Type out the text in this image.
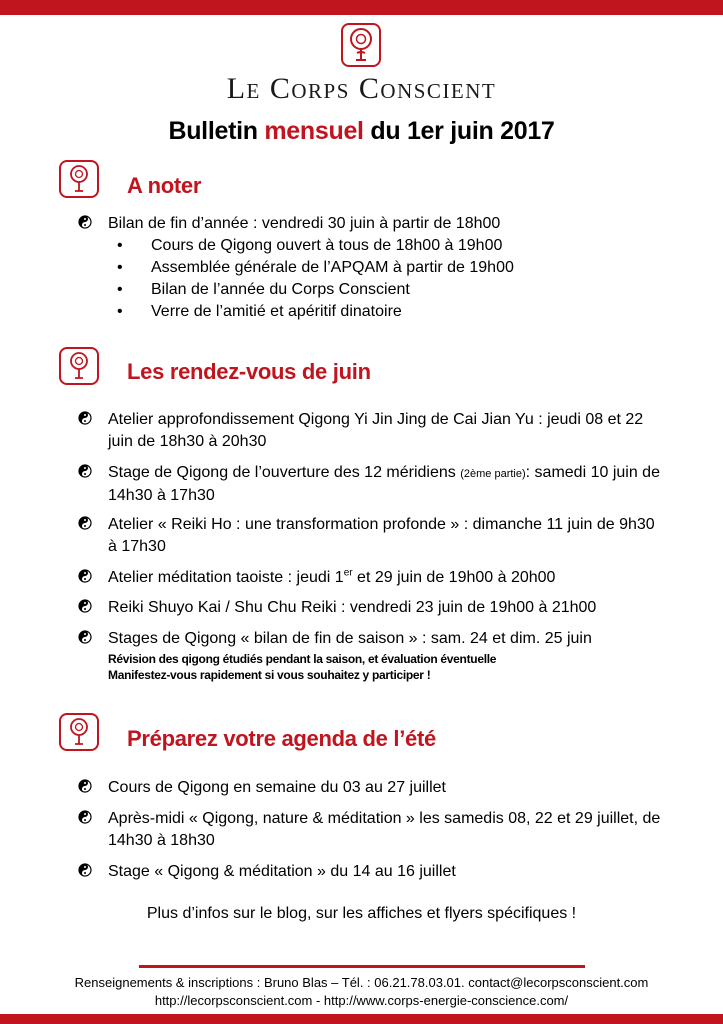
Le Corps Conscient
Bulletin mensuel du 1er juin 2017
A noter
Bilan de fin d’année : vendredi 30 juin à partir de 18h00
• Cours de Qigong ouvert à tous de 18h00 à 19h00
• Assemblée générale de l’APQAM à partir de 19h00
• Bilan de l’année du Corps Conscient
• Verre de l’amitié et apéritif dinatoire
Les rendez-vous de juin
Atelier approfondissement Qigong Yi Jin Jing de Cai Jian Yu : jeudi 08 et 22 juin de 18h30 à 20h30
Stage de Qigong de l’ouverture des 12 méridiens (2ème partie): samedi 10 juin de 14h30 à 17h30
Atelier « Reiki Ho : une transformation profonde » : dimanche 11 juin de 9h30 à 17h30
Atelier méditation taoiste : jeudi 1er et 29 juin de 19h00 à 20h00
Reiki Shuyo Kai / Shu Chu Reiki : vendredi 23 juin de 19h00 à 21h00
Stages de Qigong « bilan de fin de saison » : sam. 24 et dim. 25 juin
Révision des qigong étudiés pendant la saison, et évaluation éventuelle
Manifestez-vous rapidement si vous souhaitez y participer !
Préparez votre agenda de l’été
Cours de Qigong en semaine du 03 au 27 juillet
Après-midi « Qigong, nature & méditation » les samedis 08, 22 et 29 juillet, de 14h30 à 18h30
Stage « Qigong & méditation » du 14 au 16 juillet
Plus d’infos sur le blog, sur les affiches et flyers spécifiques !
Renseignements & inscriptions : Bruno Blas – Tél. : 06.21.78.03.01. contact@lecorpsconscient.com
http://lecorpsconscient.com - http://www.corps-energie-conscience.com/
